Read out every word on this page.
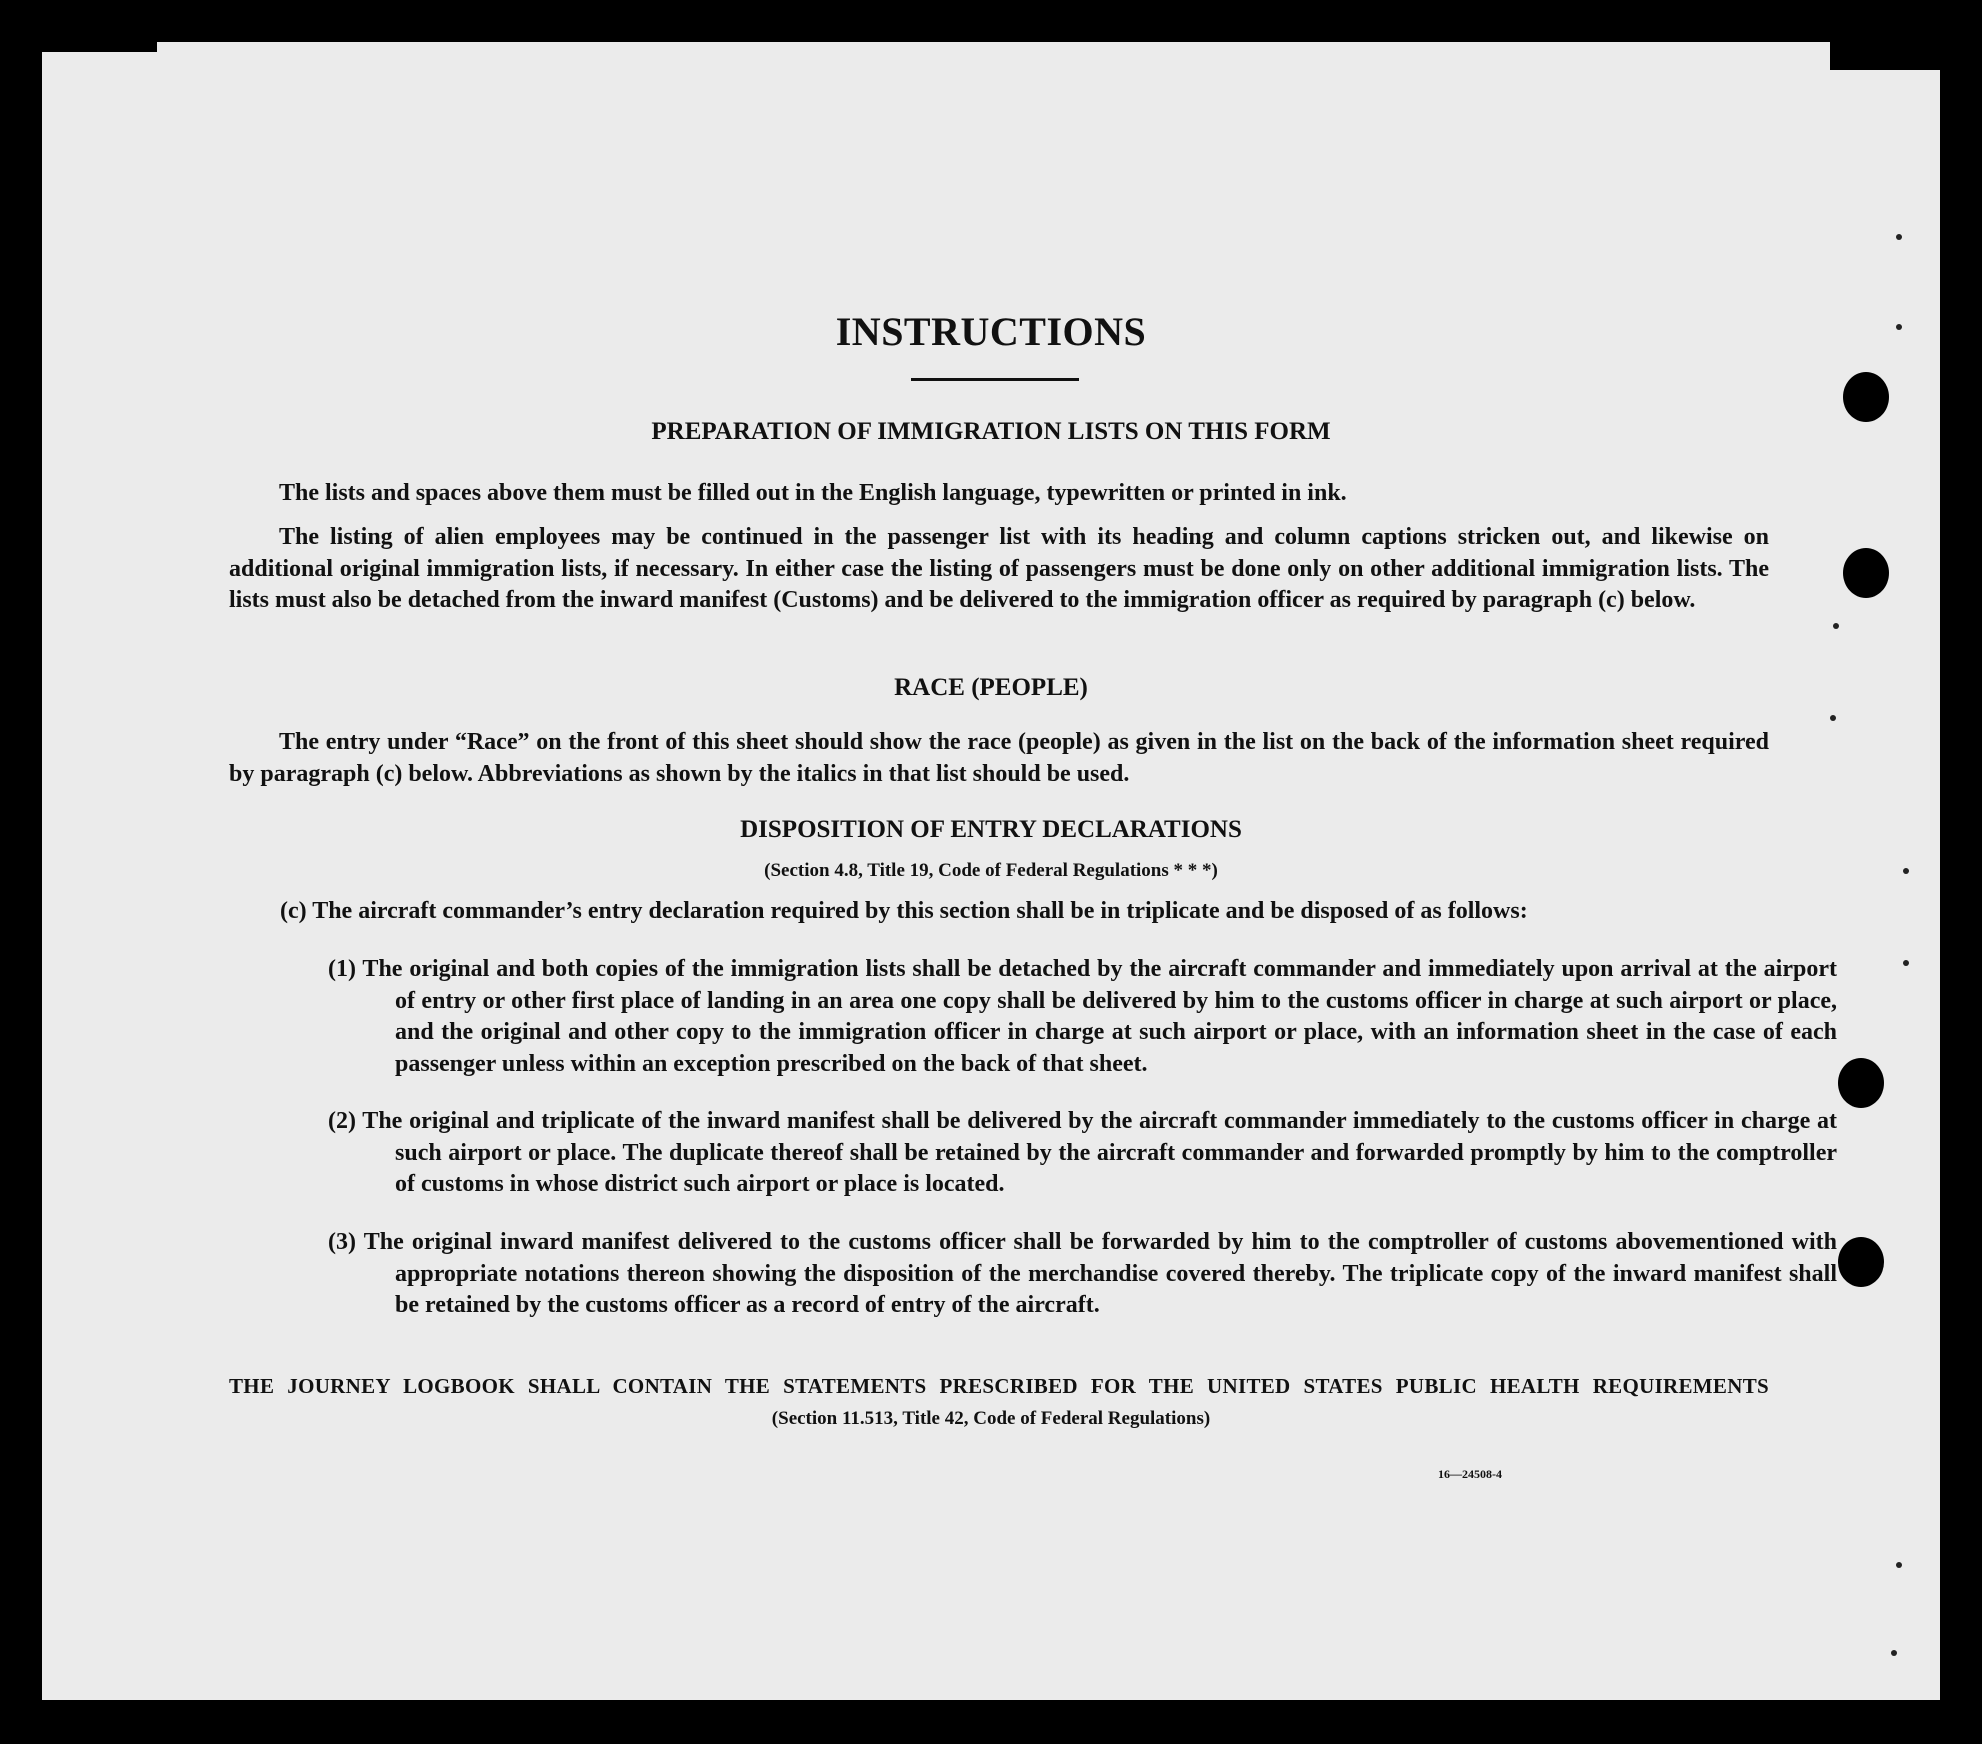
INSTRUCTIONS
PREPARATION OF IMMIGRATION LISTS ON THIS FORM
The lists and spaces above them must be filled out in the English language, typewritten or printed in ink.
The listing of alien employees may be continued in the passenger list with its heading and column captions stricken out, and likewise on additional original immigration lists, if necessary. In either case the listing of passengers must be done only on other additional immigration lists. The lists must also be detached from the inward manifest (Customs) and be delivered to the immigration officer as required by paragraph (c) below.
RACE (PEOPLE)
The entry under “Race” on the front of this sheet should show the race (people) as given in the list on the back of the information sheet required by paragraph (c) below. Abbreviations as shown by the italics in that list should be used.
DISPOSITION OF ENTRY DECLARATIONS
(Section 4.8, Title 19, Code of Federal Regulations * * *)
(c) The aircraft commander’s entry declaration required by this section shall be in triplicate and be disposed of as follows:
(1) The original and both copies of the immigration lists shall be detached by the aircraft commander and immediately upon arrival at the airport of entry or other first place of landing in an area one copy shall be delivered by him to the customs officer in charge at such airport or place, and the original and other copy to the immigration officer in charge at such airport or place, with an information sheet in the case of each passenger unless within an exception prescribed on the back of that sheet.
(2) The original and triplicate of the inward manifest shall be delivered by the aircraft commander immediately to the customs officer in charge at such airport or place. The duplicate thereof shall be retained by the aircraft commander and forwarded promptly by him to the comptroller of customs in whose district such airport or place is located.
(3) The original inward manifest delivered to the customs officer shall be forwarded by him to the comptroller of customs abovementioned with appropriate notations thereon showing the disposition of the merchandise covered thereby. The triplicate copy of the inward manifest shall be retained by the customs officer as a record of entry of the aircraft.
THE JOURNEY LOGBOOK SHALL CONTAIN THE STATEMENTS PRESCRIBED FOR THE UNITED STATES PUBLIC HEALTH REQUIREMENTS
(Section 11.513, Title 42, Code of Federal Regulations)
16—24508-4
